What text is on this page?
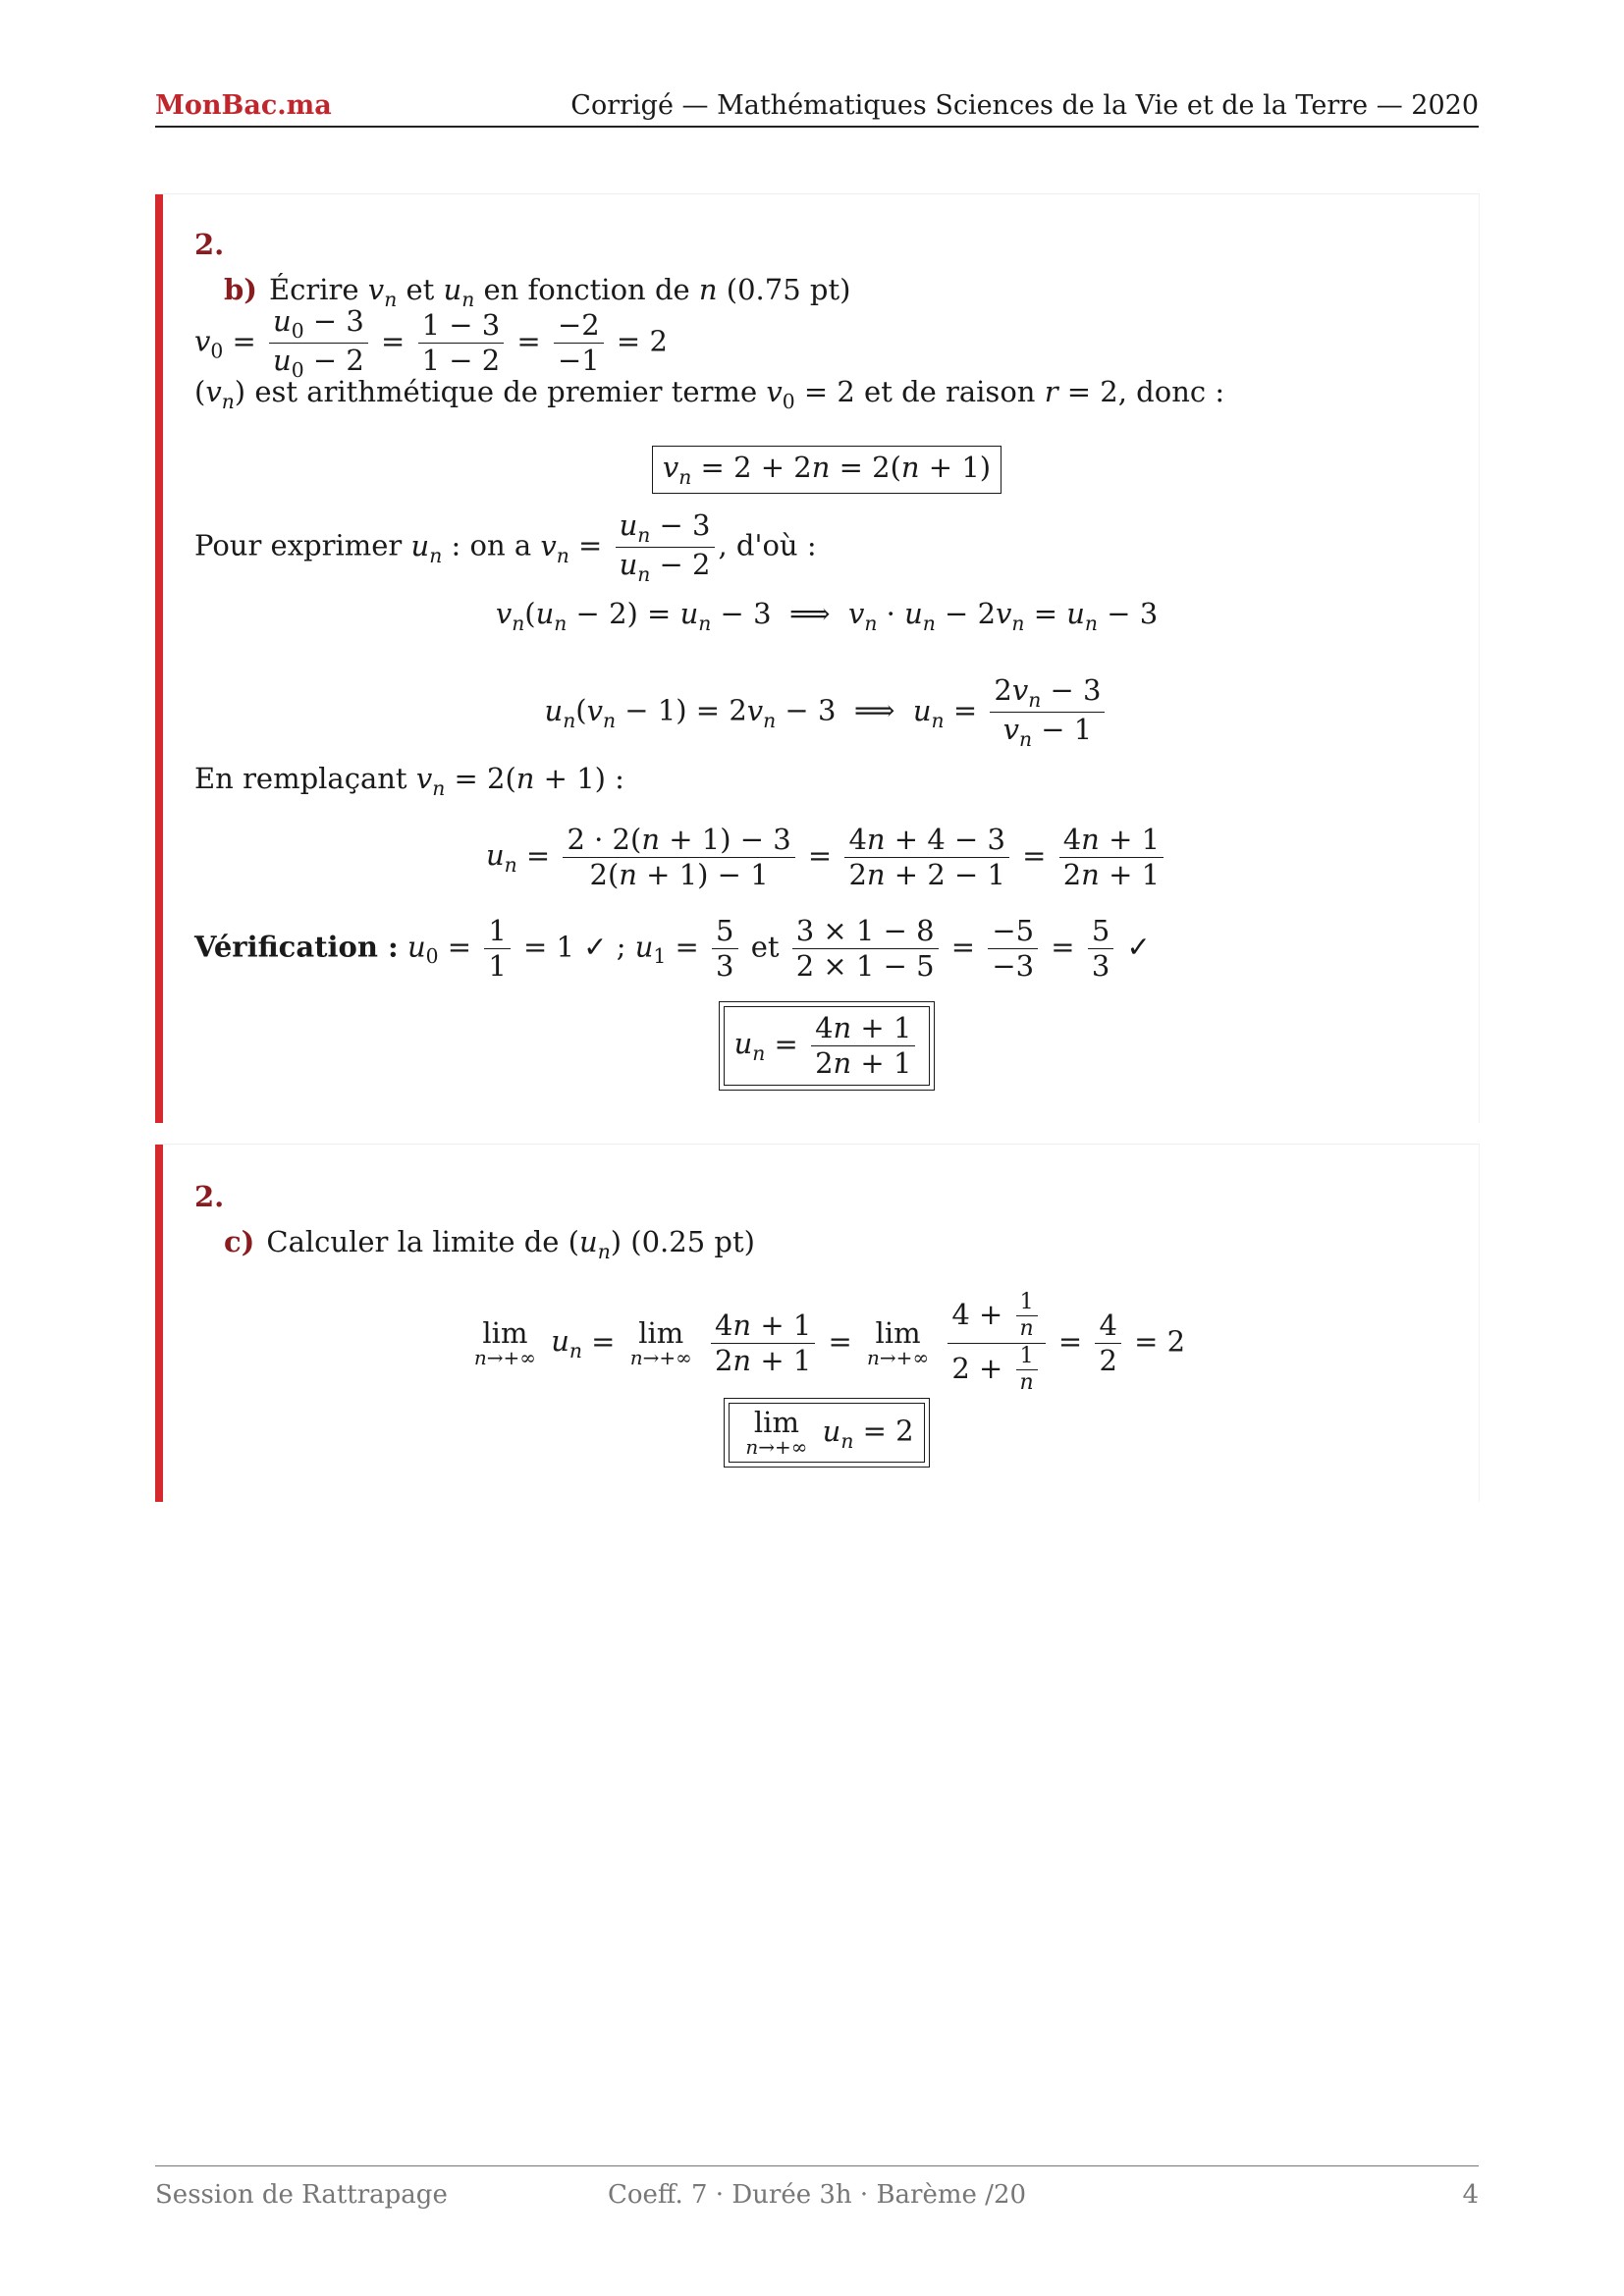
MonBac.ma	Corrigé — Mathématiques Sciences de la Vie et de la Terre — 2020
2.
b) Écrire $v_n$ et $u_n$ en fonction de n (0.75 pt)
$v_0 = \frac{u_0 - 3}{u_0 - 2} = \frac{1 - 3}{1 - 2} = \frac{-2}{-1} = 2$
$(v_n)$ est arithmétique de premier terme $v_0 = 2$ et de raison r = 2, donc :
$v_n = 2 + 2n = 2(n + 1)$
Pour exprimer $u_n$ : on a $v_n = \frac{u_n - 3}{u_n - 2}$ , d'où :
$v_n(u_n - 2) = u_n - 3$  ⟹  $v_n \cdot u_n - 2v_n = u_n - 3$
$u_n(v_n - 1) = 2v_n - 3$  ⟹  $u_n = \frac{2v_n - 3}{v_n - 1}$
En remplaçant $v_n = 2(n + 1)$ :
$u_n = \frac{2 \cdot 2(n + 1) - 3}{2(n + 1) - 1} = \frac{4n + 4 - 3}{2n + 2 - 1} = \frac{4n + 1}{2n + 1}$
Vérification : $u_0 = \frac{1}{1} = 1$ ✓ ; $u_1 = \frac{5}{3}$ et $\frac{3 \times 1 - 8}{2 \times 1 - 5} = \frac{-5}{-3} = \frac{5}{3}$ ✓
$u_n = \frac{4n + 1}{2n + 1}$
2.
c) Calculer la limite de $(u_n)$ (0.25 pt)
lim
n→+∞ $u_n = \lim$
n→+∞
$\frac{4n + 1}{2n + 1} = \lim$
n→+∞
$\frac{4 + \frac{1}{n}}{2 + \frac{1}{n}} = \frac{4}{2} = 2$
lim
n→+∞ $u_n = 2$
Session de Rattrapage	Coeff. 7 · Durée 3h · Barème /20	4
